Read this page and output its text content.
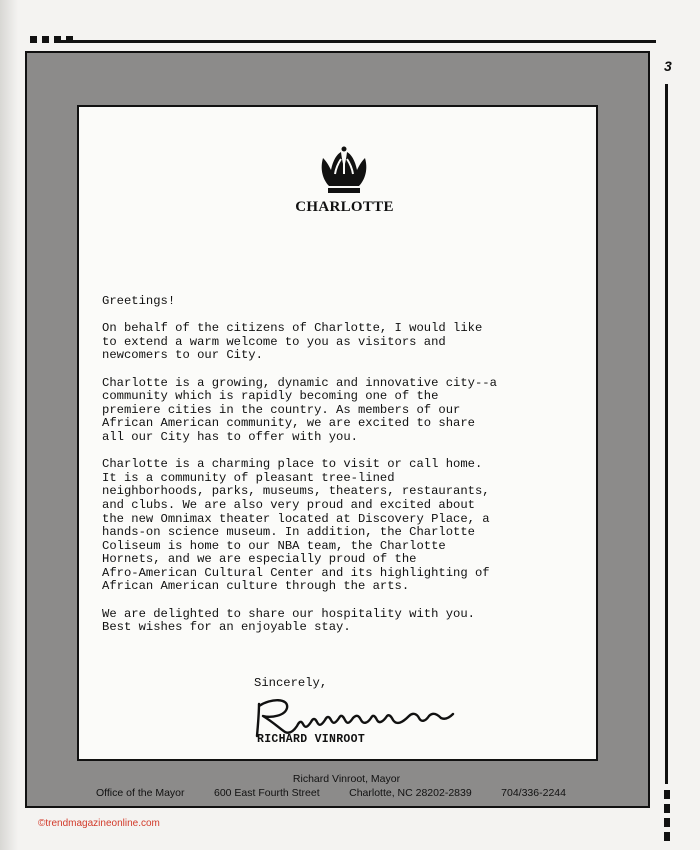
3
CHARLOTTE

Greetings!

On behalf of the citizens of Charlotte, I would like
to extend a warm welcome to you as visitors and
newcomers to our City.

Charlotte is a growing, dynamic and innovative city--a
community which is rapidly becoming one of the
premiere cities in the country. As members of our
African American community, we are excited to share
all our City has to offer with you.

Charlotte is a charming place to visit or call home.
It is a community of pleasant tree-lined
neighborhoods, parks, museums, theaters, restaurants,
and clubs. We are also very proud and excited about
the new Omnimax theater located at Discovery Place, a
hands-on science museum. In addition, the Charlotte
Coliseum is home to our NBA team, the Charlotte
Hornets, and we are especially proud of the
Afro-American Cultural Center and its highlighting of
African American culture through the arts.

We are delighted to share our hospitality with you.
Best wishes for an enjoyable stay.

Sincerely,
RICHARD VINROOT
Richard Vinroot, Mayor
Office of the Mayor	600 East Fourth Street	Charlotte, NC 28202-2839	704/336-2244
©trendmagazineonline.com
